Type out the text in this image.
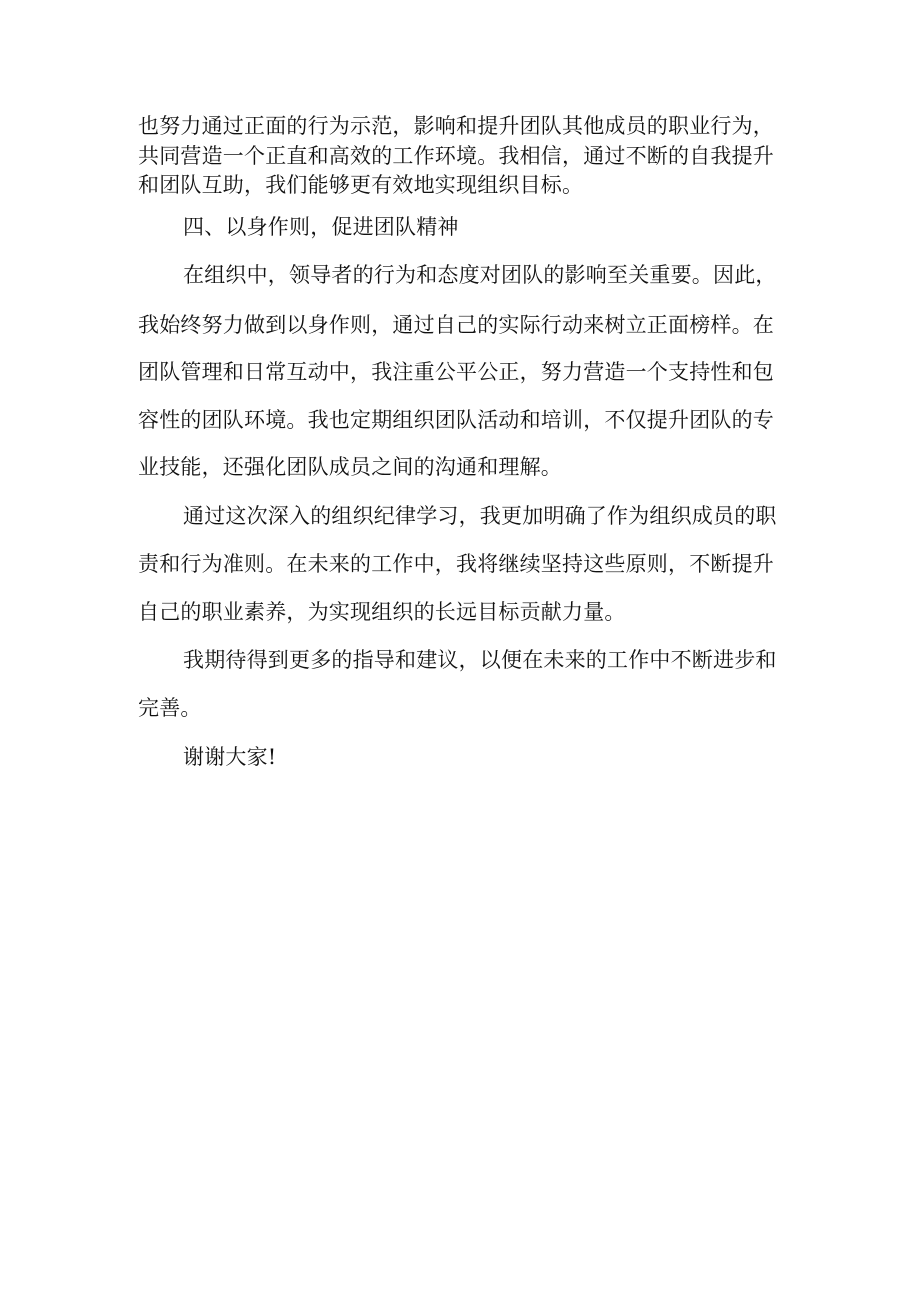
也努力通过正面的行为示范，影响和提升团队其他成员的职业行为，
共同营造一个正直和高效的工作环境。我相信，通过不断的自我提升
和团队互助，我们能够更有效地实现组织目标。
四、以身作则，促进团队精神
在组织中，领导者的行为和态度对团队的影响至关重要。因此，
我始终努力做到以身作则，通过自己的实际行动来树立正面榜样。在
团队管理和日常互动中，我注重公平公正，努力营造一个支持性和包
容性的团队环境。我也定期组织团队活动和培训，不仅提升团队的专
业技能，还强化团队成员之间的沟通和理解。
通过这次深入的组织纪律学习，我更加明确了作为组织成员的职
责和行为准则。在未来的工作中，我将继续坚持这些原则，不断提升
自己的职业素养，为实现组织的长远目标贡献力量。
我期待得到更多的指导和建议，以便在未来的工作中不断进步和
完善。
谢谢大家!
